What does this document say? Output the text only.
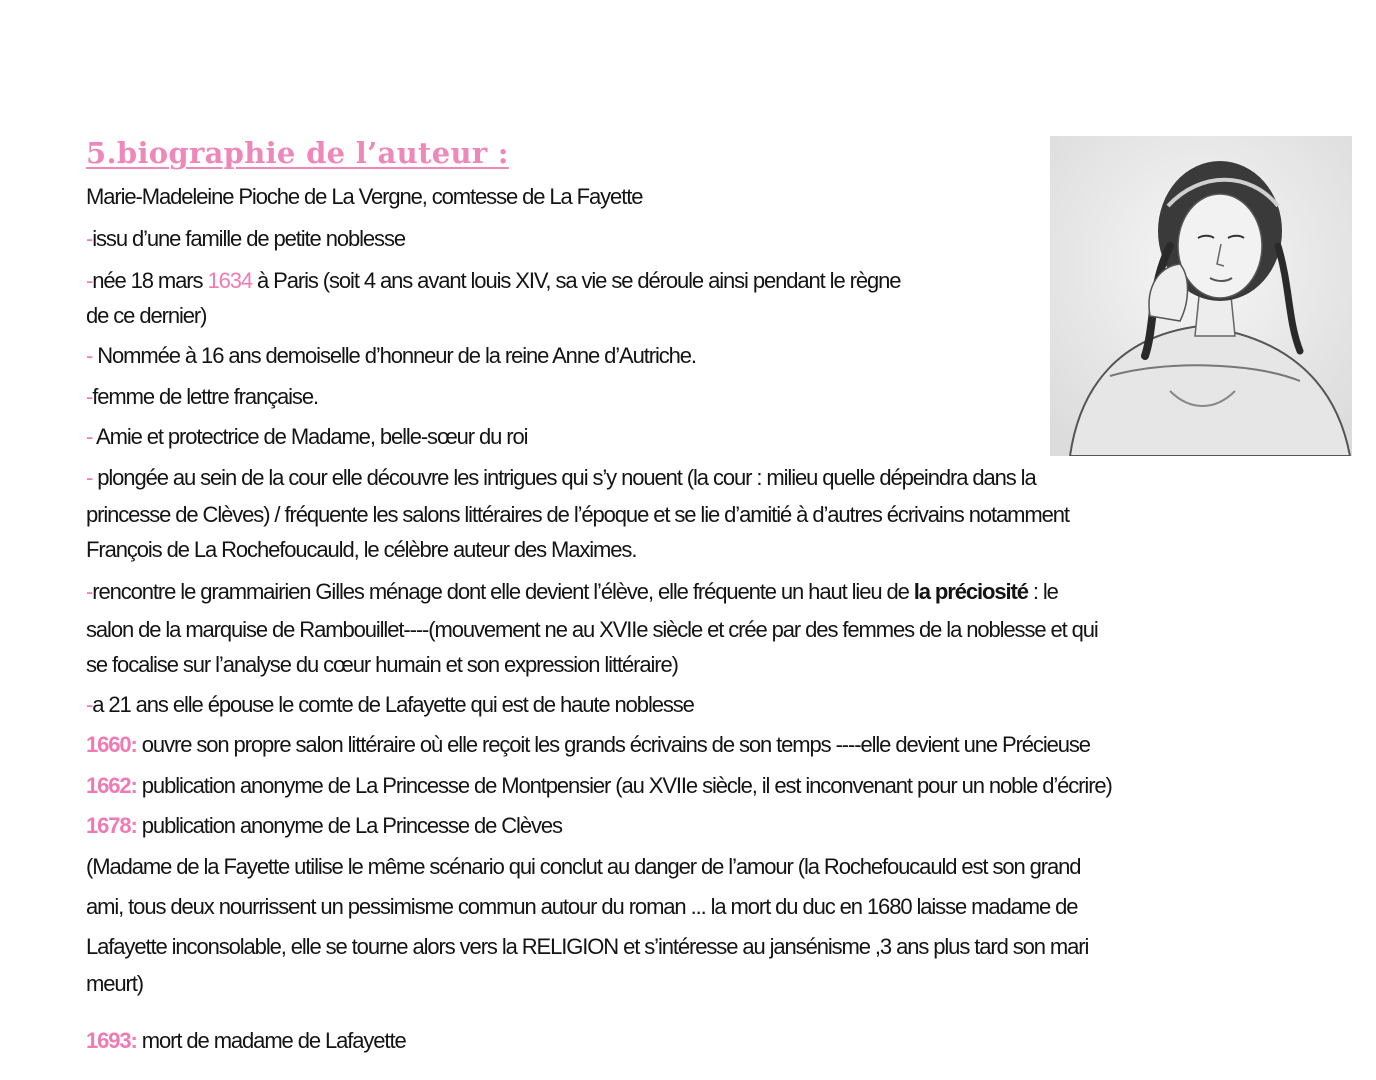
5.biographie de l’auteur :
Marie-Madeleine Pioche de La Vergne, comtesse de La Fayette
-issu d’une famille de petite noblesse
-née 18 mars 1634 à Paris (soit 4 ans avant louis XIV, sa vie se déroule ainsi pendant le règne
de ce dernier)
- Nommée à 16 ans demoiselle d’honneur de la reine Anne d’Autriche.
-femme de lettre française.
- Amie et protectrice de Madame, belle-sœur du roi
- plongée au sein de la cour elle découvre les intrigues qui s’y nouent (la cour : milieu quelle dépeindra dans la
princesse de Clèves) / fréquente les salons littéraires de l’époque et se lie d’amitié à d’autres écrivains notamment
François de La Rochefoucauld, le célèbre auteur des Maximes.
-rencontre le grammairien Gilles ménage dont elle devient l’élève, elle fréquente un haut lieu de la préciosité : le
salon de la marquise de Rambouillet----(mouvement ne au XVIIe siècle et crée par des femmes de la noblesse et qui
se focalise sur l’analyse du cœur humain et son expression littéraire)
-a 21 ans elle épouse le comte de Lafayette qui est de haute noblesse
1660: ouvre son propre salon littéraire où elle reçoit les grands écrivains de son temps ----elle devient une Précieuse
1662: publication anonyme de La Princesse de Montpensier (au XVIIe siècle, il est inconvenant pour un noble d’écrire)
1678: publication anonyme de La Princesse de Clèves
(Madame de la Fayette utilise le même scénario qui conclut au danger de l’amour (la Rochefoucauld est son grand
ami, tous deux nourrissent un pessimisme commun autour du roman ... la mort du duc en 1680 laisse madame de
Lafayette inconsolable, elle se tourne alors vers la RELIGION et s’intéresse au jansénisme ,3 ans plus tard son mari
meurt)
1693: mort de madame de Lafayette
